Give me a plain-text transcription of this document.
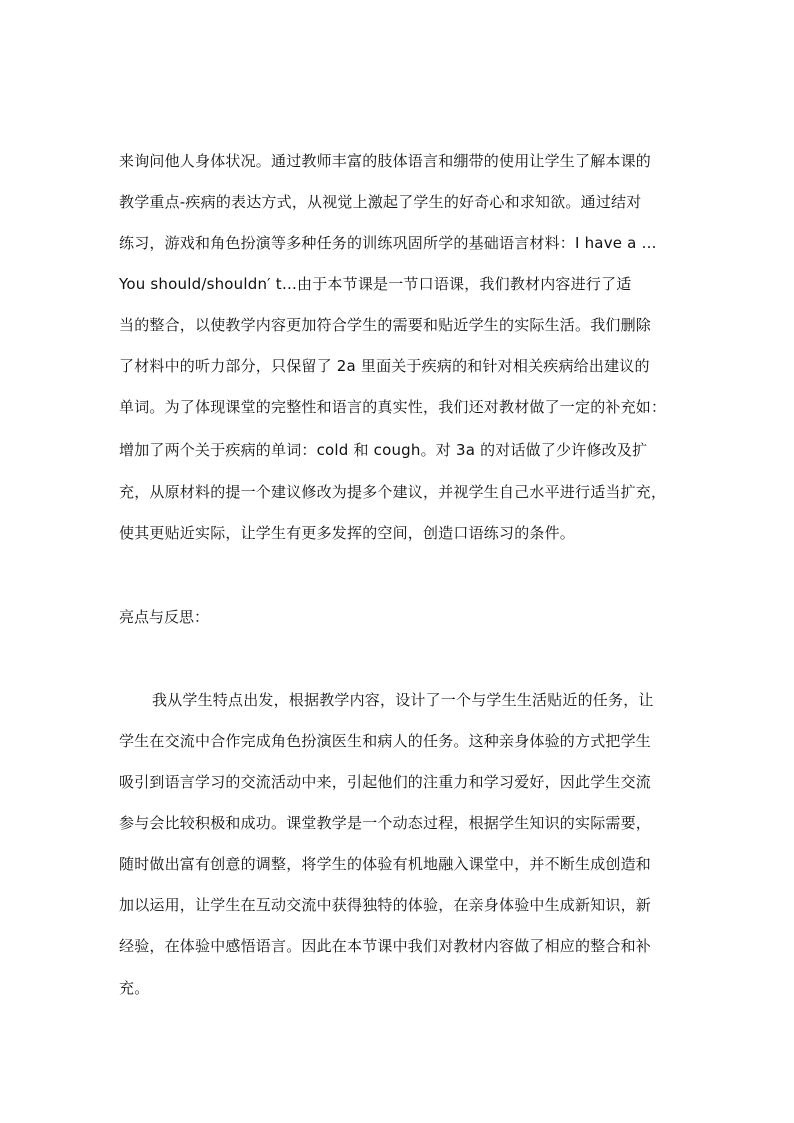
来询问他人身体状况。通过教师丰富的肢体语言和绷带的使用让学生了解本课的
教学重点-疾病的表达方式，从视觉上激起了学生的好奇心和求知欲。通过结对
练习，游戏和角色扮演等多种任务的训练巩固所学的基础语言材料：I have a …
You should/shouldn′ t…由于本节课是一节口语课，我们教材内容进行了适
当的整合，以使教学内容更加符合学生的需要和贴近学生的实际生活。我们删除
了材料中的听力部分，只保留了 2a 里面关于疾病的和针对相关疾病给出建议的
单词。为了体现课堂的完整性和语言的真实性，我们还对教材做了一定的补充如：
增加了两个关于疾病的单词：cold 和 cough。对 3a 的对话做了少许修改及扩
充，从原材料的提一个建议修改为提多个建议，并视学生自己水平进行适当扩充，
使其更贴近实际，让学生有更多发挥的空间，创造口语练习的条件。
亮点与反思：
我从学生特点出发，根据教学内容，设计了一个与学生生活贴近的任务，让
学生在交流中合作完成角色扮演医生和病人的任务。这种亲身体验的方式把学生
吸引到语言学习的交流活动中来，引起他们的注重力和学习爱好，因此学生交流
参与会比较积极和成功。课堂教学是一个动态过程，根据学生知识的实际需要，
随时做出富有创意的调整，将学生的体验有机地融入课堂中，并不断生成创造和
加以运用，让学生在互动交流中获得独特的体验，在亲身体验中生成新知识，新
经验，在体验中感悟语言。因此在本节课中我们对教材内容做了相应的整合和补
充。
